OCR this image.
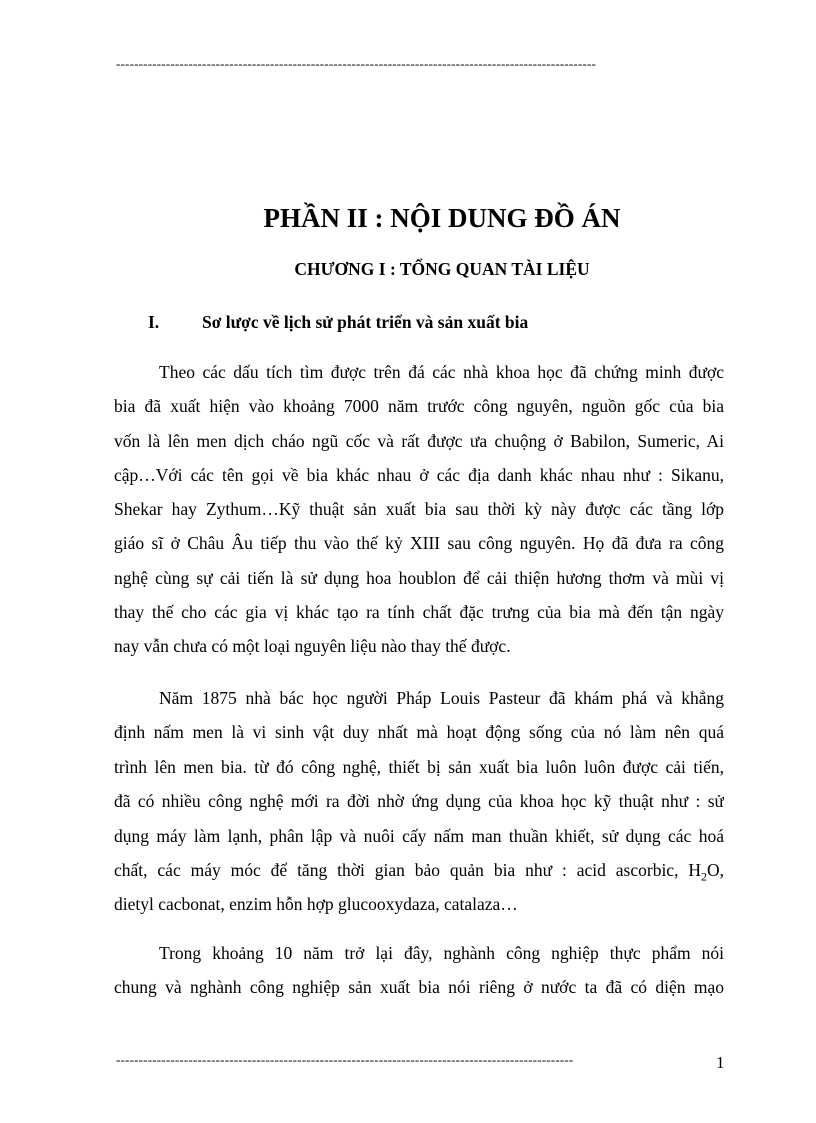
----------------------------------------------------------------------------------------------------------
PHẦN II : NỘI DUNG ĐỒ ÁN
CHƯƠNG I : TỔNG QUAN TÀI LIỆU
I. Sơ lược về lịch sử phát triển và sản xuất bia
Theo các dấu tích tìm được trên đá các nhà khoa học đã chứng minh được
bia đã xuất hiện vào khoảng 7000 năm trước công nguyên, nguồn gốc của bia
vốn là lên men dịch cháo ngũ cốc và rất được ưa chuộng ở Babilon, Sumeric, Ai
cập…Với các tên gọi về bia khác nhau ở các địa danh khác nhau như : Sikanu,
Shekar hay Zythum…Kỹ thuật sản xuất bia sau thời kỳ này được các tầng lớp
giáo sĩ ở Châu Âu tiếp thu vào thế kỷ XIII sau công nguyên. Họ đã đưa ra công
nghệ cùng sự cải tiến là sử dụng hoa houblon để cải thiện hương thơm và mùi vị
thay thế cho các gia vị khác tạo ra tính chất đặc trưng của bia mà đến tận ngày
nay vẫn chưa có một loại nguyên liệu nào thay thế được.
Năm 1875 nhà bác học người Pháp Louis Pasteur đã khám phá và khẳng
định nấm men là vi sinh vật duy nhất mà hoạt động sống của nó làm nên quá
trình lên men bia. từ đó công nghệ, thiết bị sản xuất bia luôn luôn được cải tiến,
đã có nhiều công nghệ mới ra đời nhờ ứng dụng của khoa học kỹ thuật như : sử
dụng máy làm lạnh, phân lập và nuôi cấy nấm man thuần khiết, sử dụng các hoá
chất, các máy móc để tăng thời gian bảo quản bia như : acid ascorbic, $H_2O$,
dietyl cacbonat, enzim hỗn hợp glucooxydaza, catalaza…
Trong khoảng 10 năm trở lại đây, nghành công nghiệp thực phẩm nói
chung và nghành công nghiệp sản xuất bia nói riêng ở nước ta đã có diện mạo
-----------------------------------------------------------------------------------------------------	1
